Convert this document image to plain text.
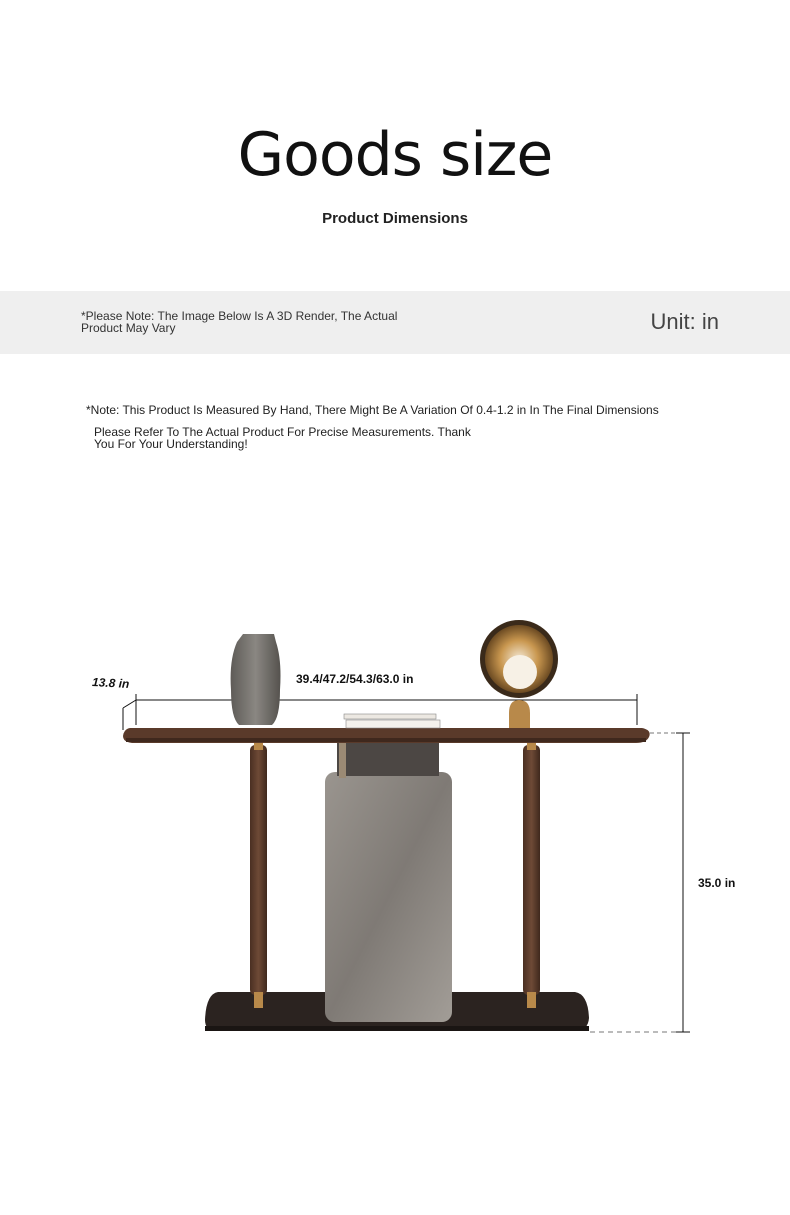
Goods size
Product Dimensions
*Please Note: The Image Below Is A 3D Render, The Actual Product May Vary	Unit: in
*Note: This Product Is Measured By Hand, There Might Be A Variation Of 0.4-1.2 in In The Final Dimensions
Please Refer To The Actual Product For Precise Measurements. Thank You For Your Understanding!
13.8 in	39.4/47.2/54.3/63.0 in
35.0 in
